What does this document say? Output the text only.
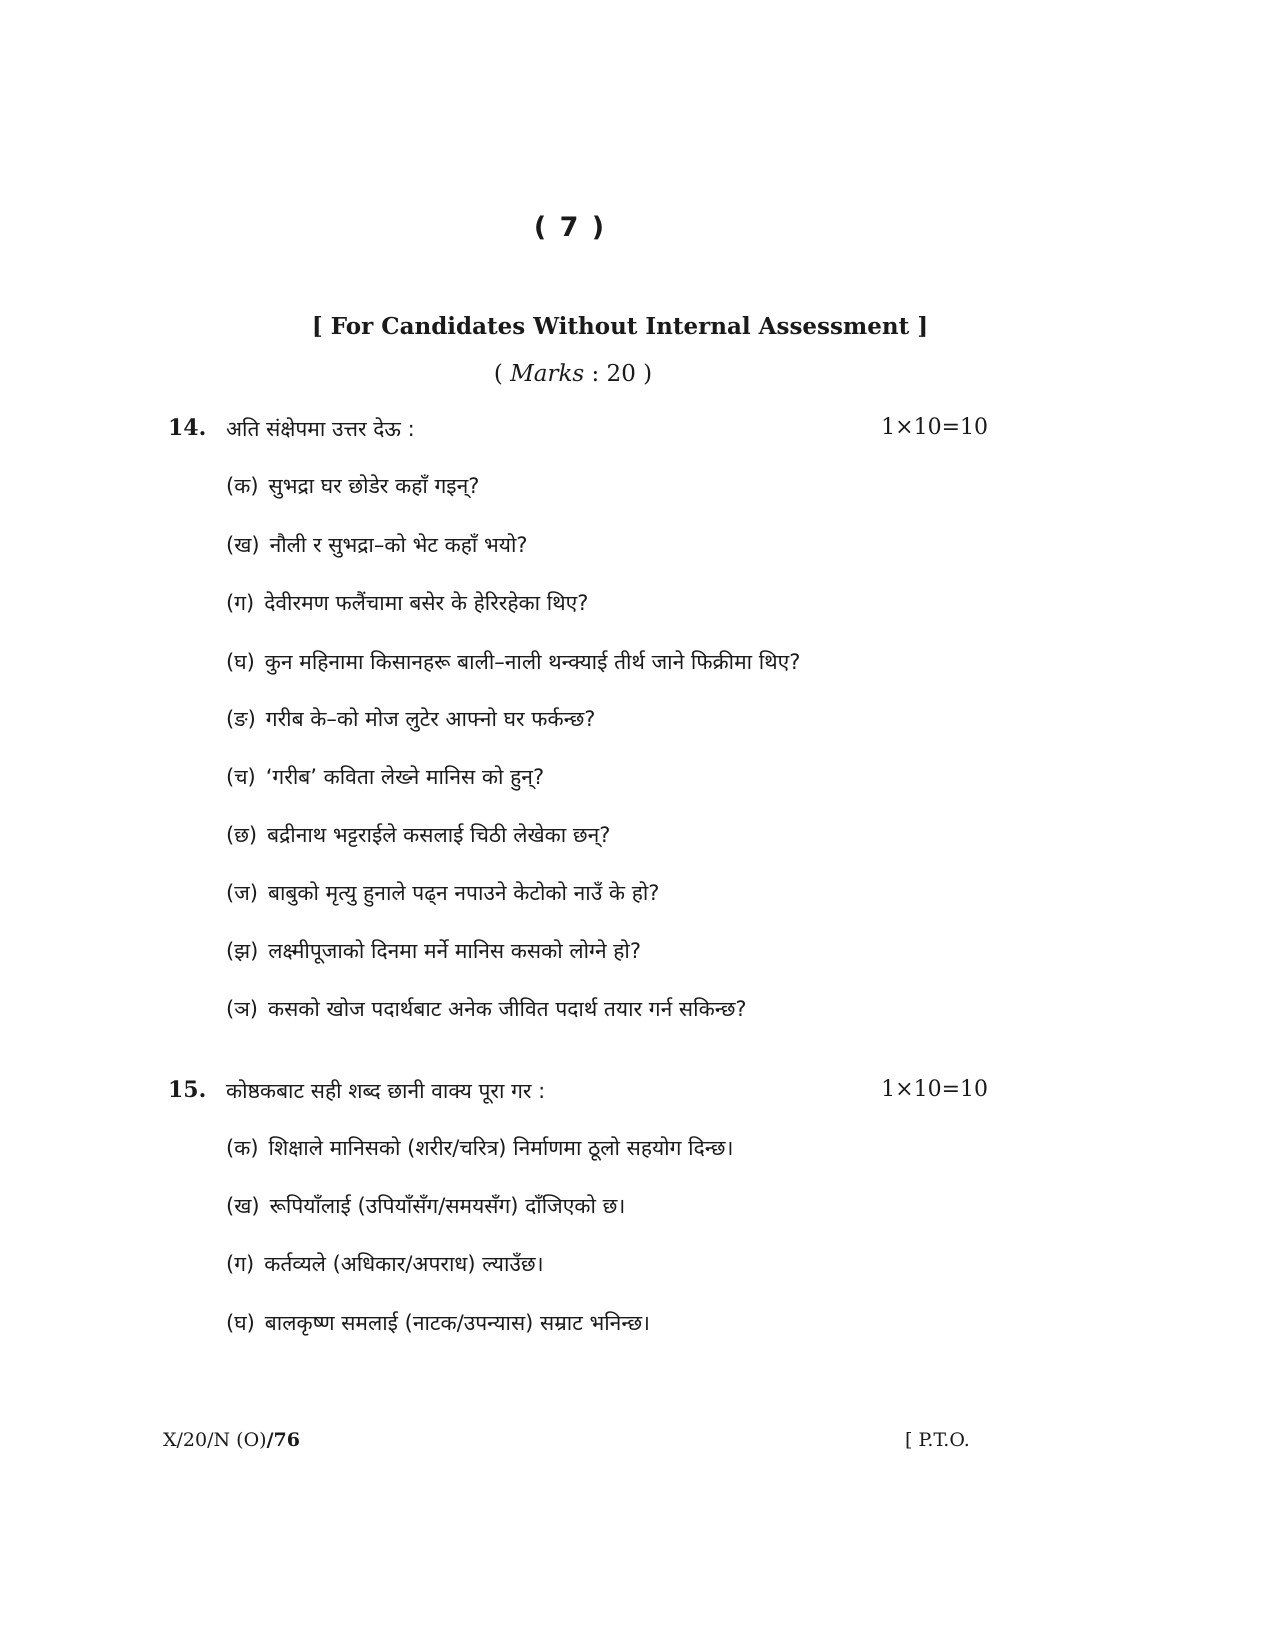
( 7 )
[ For Candidates Without Internal Assessment ]
( Marks : 20 )
14. अति संक्षेपमा उत्तर देऊ :	1×10=10
(क) सुभद्रा घर छोडेर कहाँ गइन्?
(ख) नौली र सुभद्रा–को भेट कहाँ भयो?
(ग) देवीरमण फलैंचामा बसेर के हेरिरहेका थिए?
(घ) कुन महिनामा किसानहरू बाली–नाली थन्क्याई तीर्थ जाने फिक्रीमा थिए?
(ङ) गरीब के–को मोज लुटेर आफ्नो घर फर्कन्छ?
(च) ‘गरीब’ कविता लेख्ने मानिस को हुन्?
(छ) बद्रीनाथ भट्टराईले कसलाई चिठी लेखेका छन्?
(ज) बाबुको मृत्यु हुनाले पढ्न नपाउने केटोको नाउँ के हो?
(झ) लक्ष्मीपूजाको दिनमा मर्ने मानिस कसको लोग्ने हो?
(ञ) कसको खोज पदार्थबाट अनेक जीवित पदार्थ तयार गर्न सकिन्छ?
15. कोष्ठकबाट सही शब्द छानी वाक्य पूरा गर :	1×10=10
(क) शिक्षाले मानिसको (शरीर/चरित्र) निर्माणमा ठूलो सहयोग दिन्छ।
(ख) रूपियाँलाई (उपियाँसँग/समयसँग) दाँजिएको छ।
(ग) कर्तव्यले (अधिकार/अपराध) ल्याउँछ।
(घ) बालकृष्ण समलाई (नाटक/उपन्यास) सम्राट भनिन्छ।
X/20/N (O)/76	[ P.T.O.
